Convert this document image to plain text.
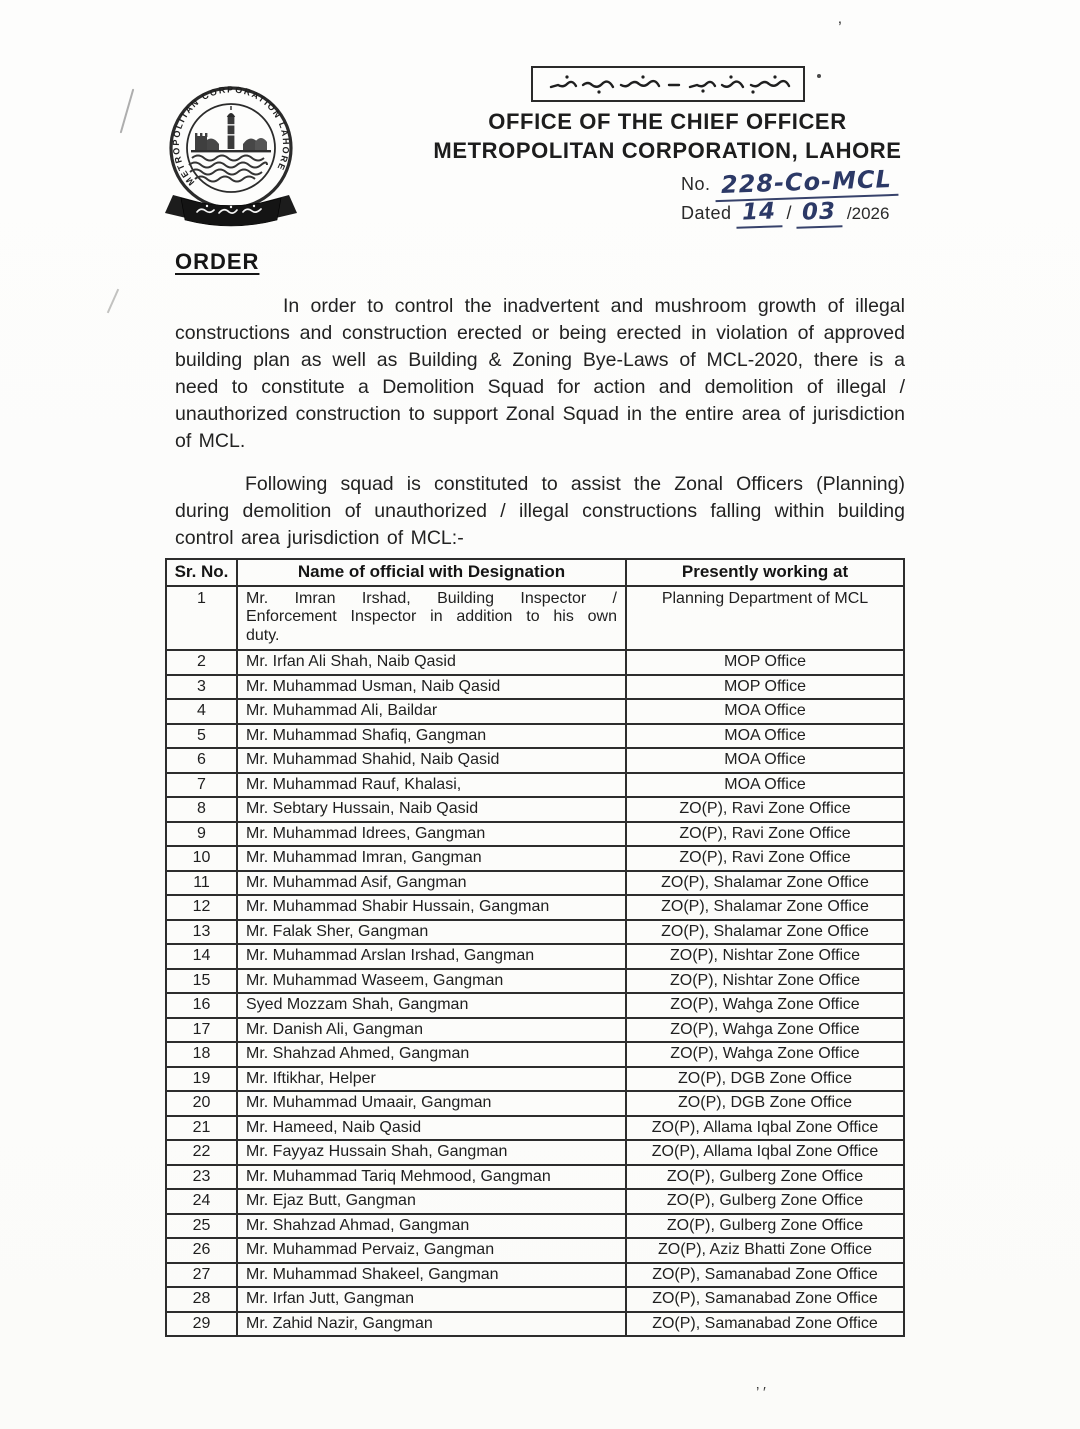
METROPOLITAN CORPORATION LAHORE
OFFICE OF THE CHIEF OFFICER
METROPOLITAN CORPORATION, LAHORE
No. 228-Co-MCL
Dated 14 / 03 /2026
ORDER

In order to control the inadvertent and mushroom growth of illegal constructions and construction erected or being erected in violation of approved building plan as well as Building & Zoning Bye-Laws of MCL-2020, there is a need to constitute a Demolition Squad for action and demolition of illegal / unauthorized construction to support Zonal Squad in the entire area of jurisdiction of MCL.

Following squad is constituted to assist the Zonal Officers (Planning) during demolition of unauthorized / illegal constructions falling within building control area jurisdiction of MCL:-

Sr. No.	Name of official with Designation	Presently working at
1	Mr. Imran Irshad, Building Inspector / Enforcement Inspector in addition to his own duty.	Planning Department of MCL
2	Mr. Irfan Ali Shah, Naib Qasid	MOP Office
3	Mr. Muhammad Usman, Naib Qasid	MOP Office
4	Mr. Muhammad Ali, Baildar	MOA Office
5	Mr. Muhammad Shafiq, Gangman	MOA Office
6	Mr. Muhammad Shahid, Naib Qasid	MOA Office
7	Mr. Muhammad Rauf, Khalasi,	MOA Office
8	Mr. Sebtary Hussain, Naib Qasid	ZO(P), Ravi Zone Office
9	Mr. Muhammad Idrees, Gangman	ZO(P), Ravi Zone Office
10	Mr. Muhammad Imran, Gangman	ZO(P), Ravi Zone Office
11	Mr. Muhammad Asif, Gangman	ZO(P), Shalamar Zone Office
12	Mr. Muhammad Shabir Hussain, Gangman	ZO(P), Shalamar Zone Office
13	Mr. Falak Sher, Gangman	ZO(P), Shalamar Zone Office
14	Mr. Muhammad Arslan Irshad, Gangman	ZO(P), Nishtar Zone Office
15	Mr. Muhammad Waseem, Gangman	ZO(P), Nishtar Zone Office
16	Syed Mozzam Shah, Gangman	ZO(P), Wahga Zone Office
17	Mr. Danish Ali, Gangman	ZO(P), Wahga Zone Office
18	Mr. Shahzad Ahmed, Gangman	ZO(P), Wahga Zone Office
19	Mr. Iftikhar, Helper	ZO(P), DGB Zone Office
20	Mr. Muhammad Umaair, Gangman	ZO(P), DGB Zone Office
21	Mr. Hameed, Naib Qasid	ZO(P), Allama Iqbal Zone Office
22	Mr. Fayyaz Hussain Shah, Gangman	ZO(P), Allama Iqbal Zone Office
23	Mr. Muhammad Tariq Mehmood, Gangman	ZO(P), Gulberg Zone Office
24	Mr. Ejaz Butt, Gangman	ZO(P), Gulberg Zone Office
25	Mr. Shahzad Ahmad, Gangman	ZO(P), Gulberg Zone Office
26	Mr. Muhammad Pervaiz, Gangman	ZO(P), Aziz Bhatti Zone Office
27	Mr. Muhammad Shakeel, Gangman	ZO(P), Samanabad Zone Office
28	Mr. Irfan Jutt, Gangman	ZO(P), Samanabad Zone Office
29	Mr. Zahid Nazir, Gangman	ZO(P), Samanabad Zone Office
’
’ ′
